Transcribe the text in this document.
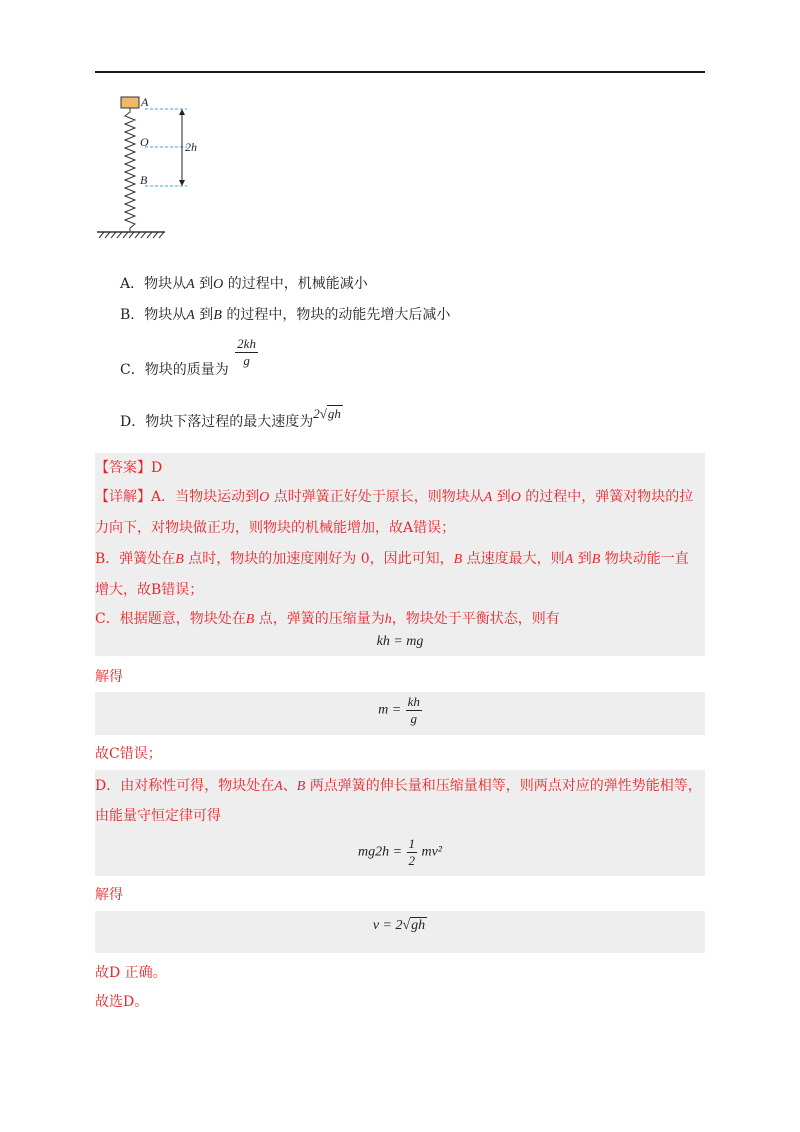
A
O
B
2h
A．物块从A 到O 的过程中，机械能减小
B．物块从A 到B 的过程中，物块的动能先增大后减小
C．物块的质量为
$\frac{2kh}{g}$
D．物块下落过程的最大速度为2√gh
【答案】D
【详解】A．当物块运动到O 点时弹簧正好处于原长，则物块从A 到O 的过程中，弹簧对物块的拉
力向下，对物块做正功，则物块的机械能增加，故A错误；
B．弹簧处在B 点时，物块的加速度刚好为 0，因此可知，B 点速度最大，则A 到B 物块动能一直
增大，故B错误；
C．根据题意，物块处在B 点，弹簧的压缩量为h，物块处于平衡状态，则有
kh = mg
解得
$m = \frac{kh}{g}$
故C错误；
D．由对称性可得，物块处在A、B 两点弹簧的伸长量和压缩量相等，则两点对应的弹性势能相等，
由能量守恒定律可得
$mg2h = \frac{1}{2} mv^2$
解得
v = 2√gh
故D 正确。
故选D。
